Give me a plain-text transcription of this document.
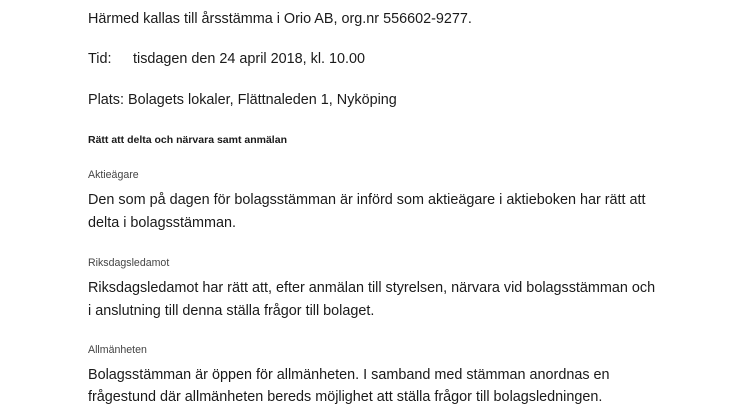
Härmed kallas till årsstämma i Orio AB, org.nr 556602-9277.

Tid: tisdagen den 24 april 2018, kl. 10.00

Plats: Bolagets lokaler, Flättnaleden 1, Nyköping

Rätt att delta och närvara samt anmälan

Aktieägare

Den som på dagen för bolagsstämman är införd som aktieägare i aktieboken har rätt att

delta i bolagsstämman.

Riksdagsledamot

Riksdagsledamot har rätt att, efter anmälan till styrelsen, närvara vid bolagsstämman och

i anslutning till denna ställa frågor till bolaget.

Allmänheten

Bolagsstämman är öppen för allmänheten. I samband med stämman anordnas en

frågestund där allmänheten bereds möjlighet att ställa frågor till bolagsledningen.
